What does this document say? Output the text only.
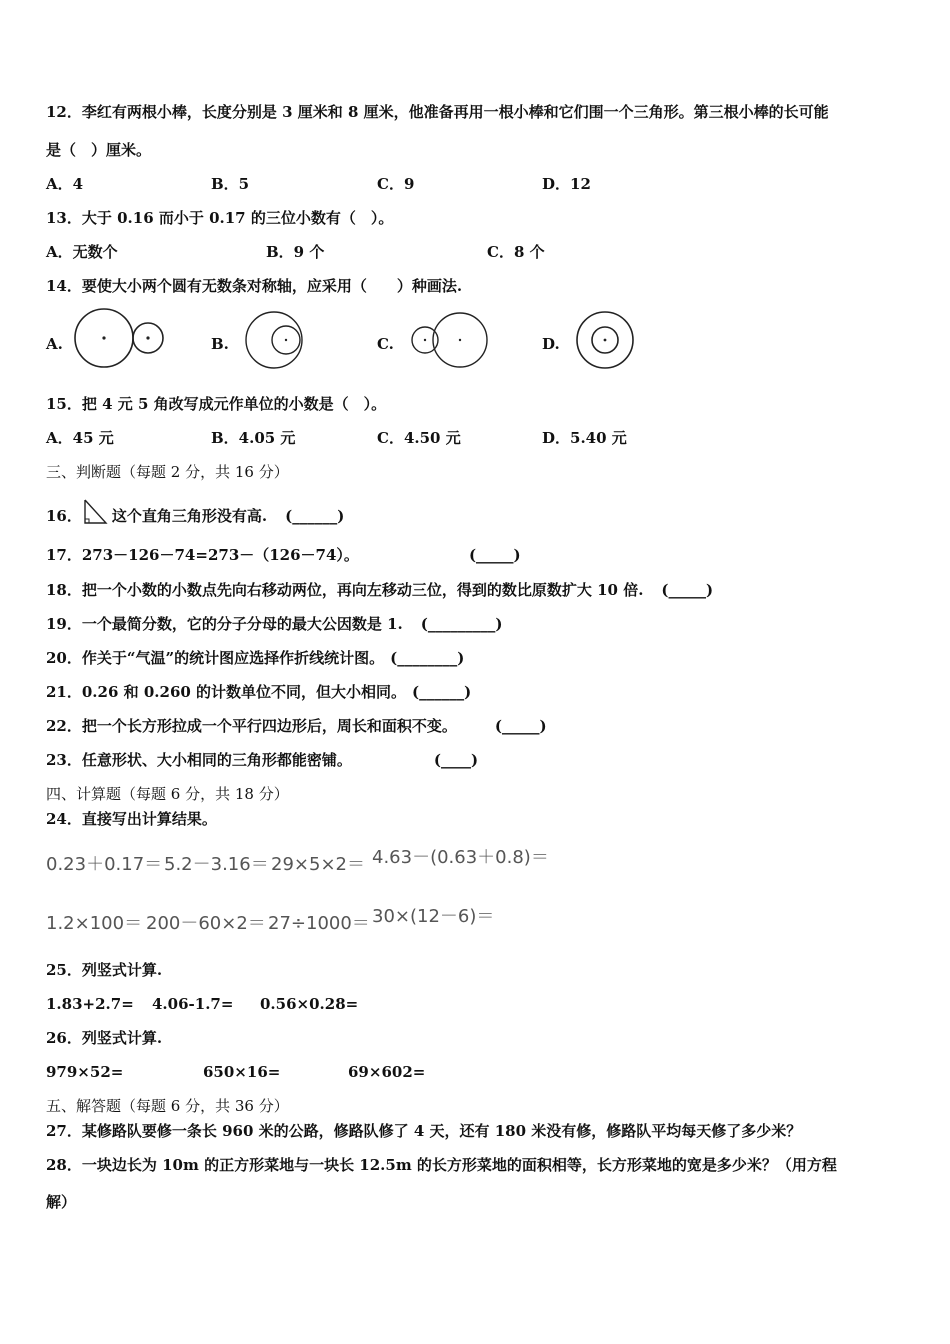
12．李红有两根小棒，长度分别是 3 厘米和 8 厘米，他准备再用一根小棒和它们围一个三角形。第三根小棒的长可能
是（　）厘米。
A．4	B．5	C．9	D．12
13．大于 0.16 而小于 0.17 的三位小数有（　）。
A．无数个	B．9 个	C．8 个
14．要使大小两个圆有无数条对称轴，应采用（　　）种画法.
A.	B.	C.	D.
15．把 4 元 5 角改写成元作单位的小数是（　）。
A．45 元	B．4.05 元	C．4.50 元	D．5.40 元
三、判断题（每题 2 分，共 16 分）
16． 这个直角三角形没有高. (______)
17．273－126－74=273－（126－74）。	(_____)
18．把一个小数的小数点先向右移动两位，再向左移动三位，得到的数比原数扩大 10 倍. (_____)
19．一个最简分数，它的分子分母的最大公因数是 1. (_________)
20．作关于“气温”的统计图应选择作折线统计图。 (________)
21．0.26 和 0.260 的计数单位不同，但大小相同。 (______)
22．把一个长方形拉成一个平行四边形后，周长和面积不变。	(_____)
23．任意形状、大小相同的三角形都能密铺。	(____)
四、计算题（每题 6 分，共 18 分）
24．直接写出计算结果。
0.23＋0.17＝ 5.2－3.16＝ 29×5×2＝ 4.63－(0.63＋0.8)＝
1.2×100＝ 200－60×2＝ 27÷1000＝ 30×(12－6)＝
25．列竖式计算.
1.83+2.7= 4.06-1.7= 0.56×0.28=
26．列竖式计算.
979×52=	650×16=	69×602=
五、解答题（每题 6 分，共 36 分）
27．某修路队要修一条长 960 米的公路，修路队修了 4 天，还有 180 米没有修，修路队平均每天修了多少米？
28．一块边长为 10m 的正方形菜地与一块长 12.5m 的长方形菜地的面积相等，长方形菜地的宽是多少米？（用方程
解）
